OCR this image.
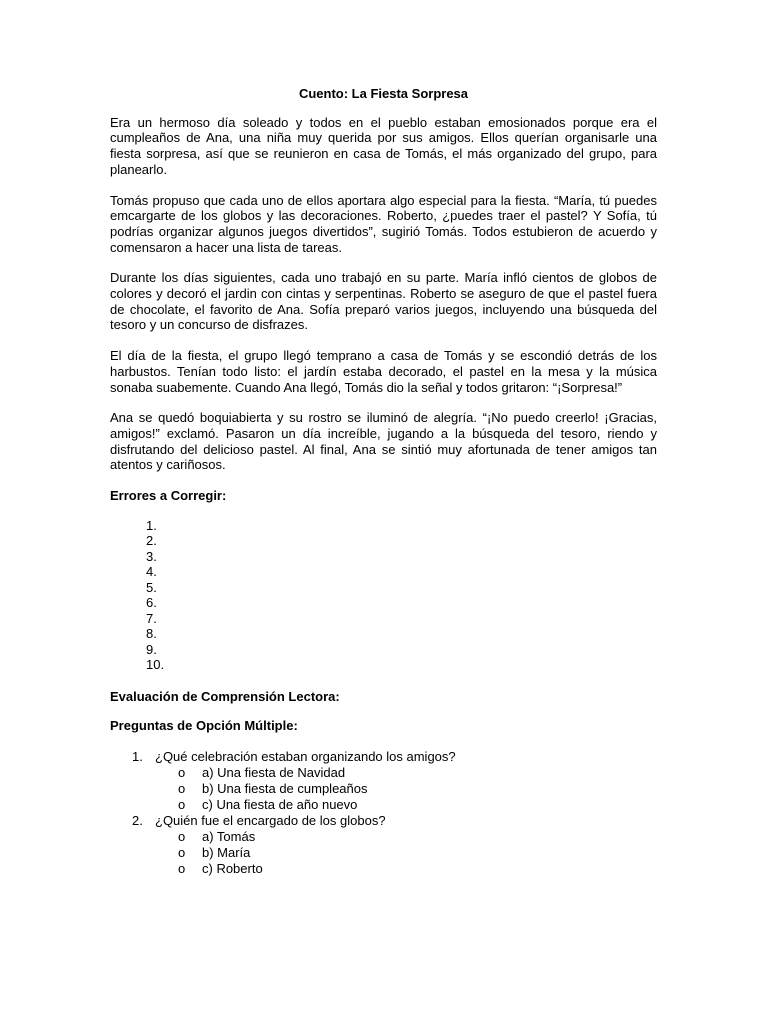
Cuento: La Fiesta Sorpresa

Era un hermoso día soleado y todos en el pueblo estaban emosionados porque era el cumpleaños de Ana, una niña muy querida por sus amigos. Ellos querían organisarle una fiesta sorpresa, así que se reunieron en casa de Tomás, el más organizado del grupo, para planearlo.

Tomás propuso que cada uno de ellos aportara algo especial para la fiesta. “María, tú puedes emcargarte de los globos y las decoraciones. Roberto, ¿puedes traer el pastel? Y Sofía, tú podrías organizar algunos juegos divertidos”, sugirió Tomás. Todos estubieron de acuerdo y comensaron a hacer una lista de tareas.

Durante los días siguientes, cada uno trabajó en su parte. María infló cientos de globos de colores y decoró el jardin con cintas y serpentinas. Roberto se aseguro de que el pastel fuera de chocolate, el favorito de Ana. Sofía preparó varios juegos, incluyendo una búsqueda del tesoro y un concurso de disfrazes.

El día de la fiesta, el grupo llegó temprano a casa de Tomás y se escondió detrás de los harbustos. Tenían todo listo: el jardín estaba decorado, el pastel en la mesa y la música sonaba suabemente. Cuando Ana llegó, Tomás dio la señal y todos gritaron: “¡Sorpresa!”

Ana se quedó boquiabierta y su rostro se iluminó de alegría. “¡No puedo creerlo! ¡Gracias, amigos!” exclamó. Pasaron un día increíble, jugando a la búsqueda del tesoro, riendo y disfrutando del delicioso pastel. Al final, Ana se sintió muy afortunada de tener amigos tan atentos y cariñosos.

Errores a Corregir:
1.
2.
3.
4.
5.
6.
7.
8.
9.
10.
Evaluación de Comprensión Lectora:
Preguntas de Opción Múltiple:
1. ¿Qué celebración estaban organizando los amigos?
o a) Una fiesta de Navidad
o b) Una fiesta de cumpleaños
o c) Una fiesta de año nuevo
2. ¿Quién fue el encargado de los globos?
o a) Tomás
o b) María
o c) Roberto
